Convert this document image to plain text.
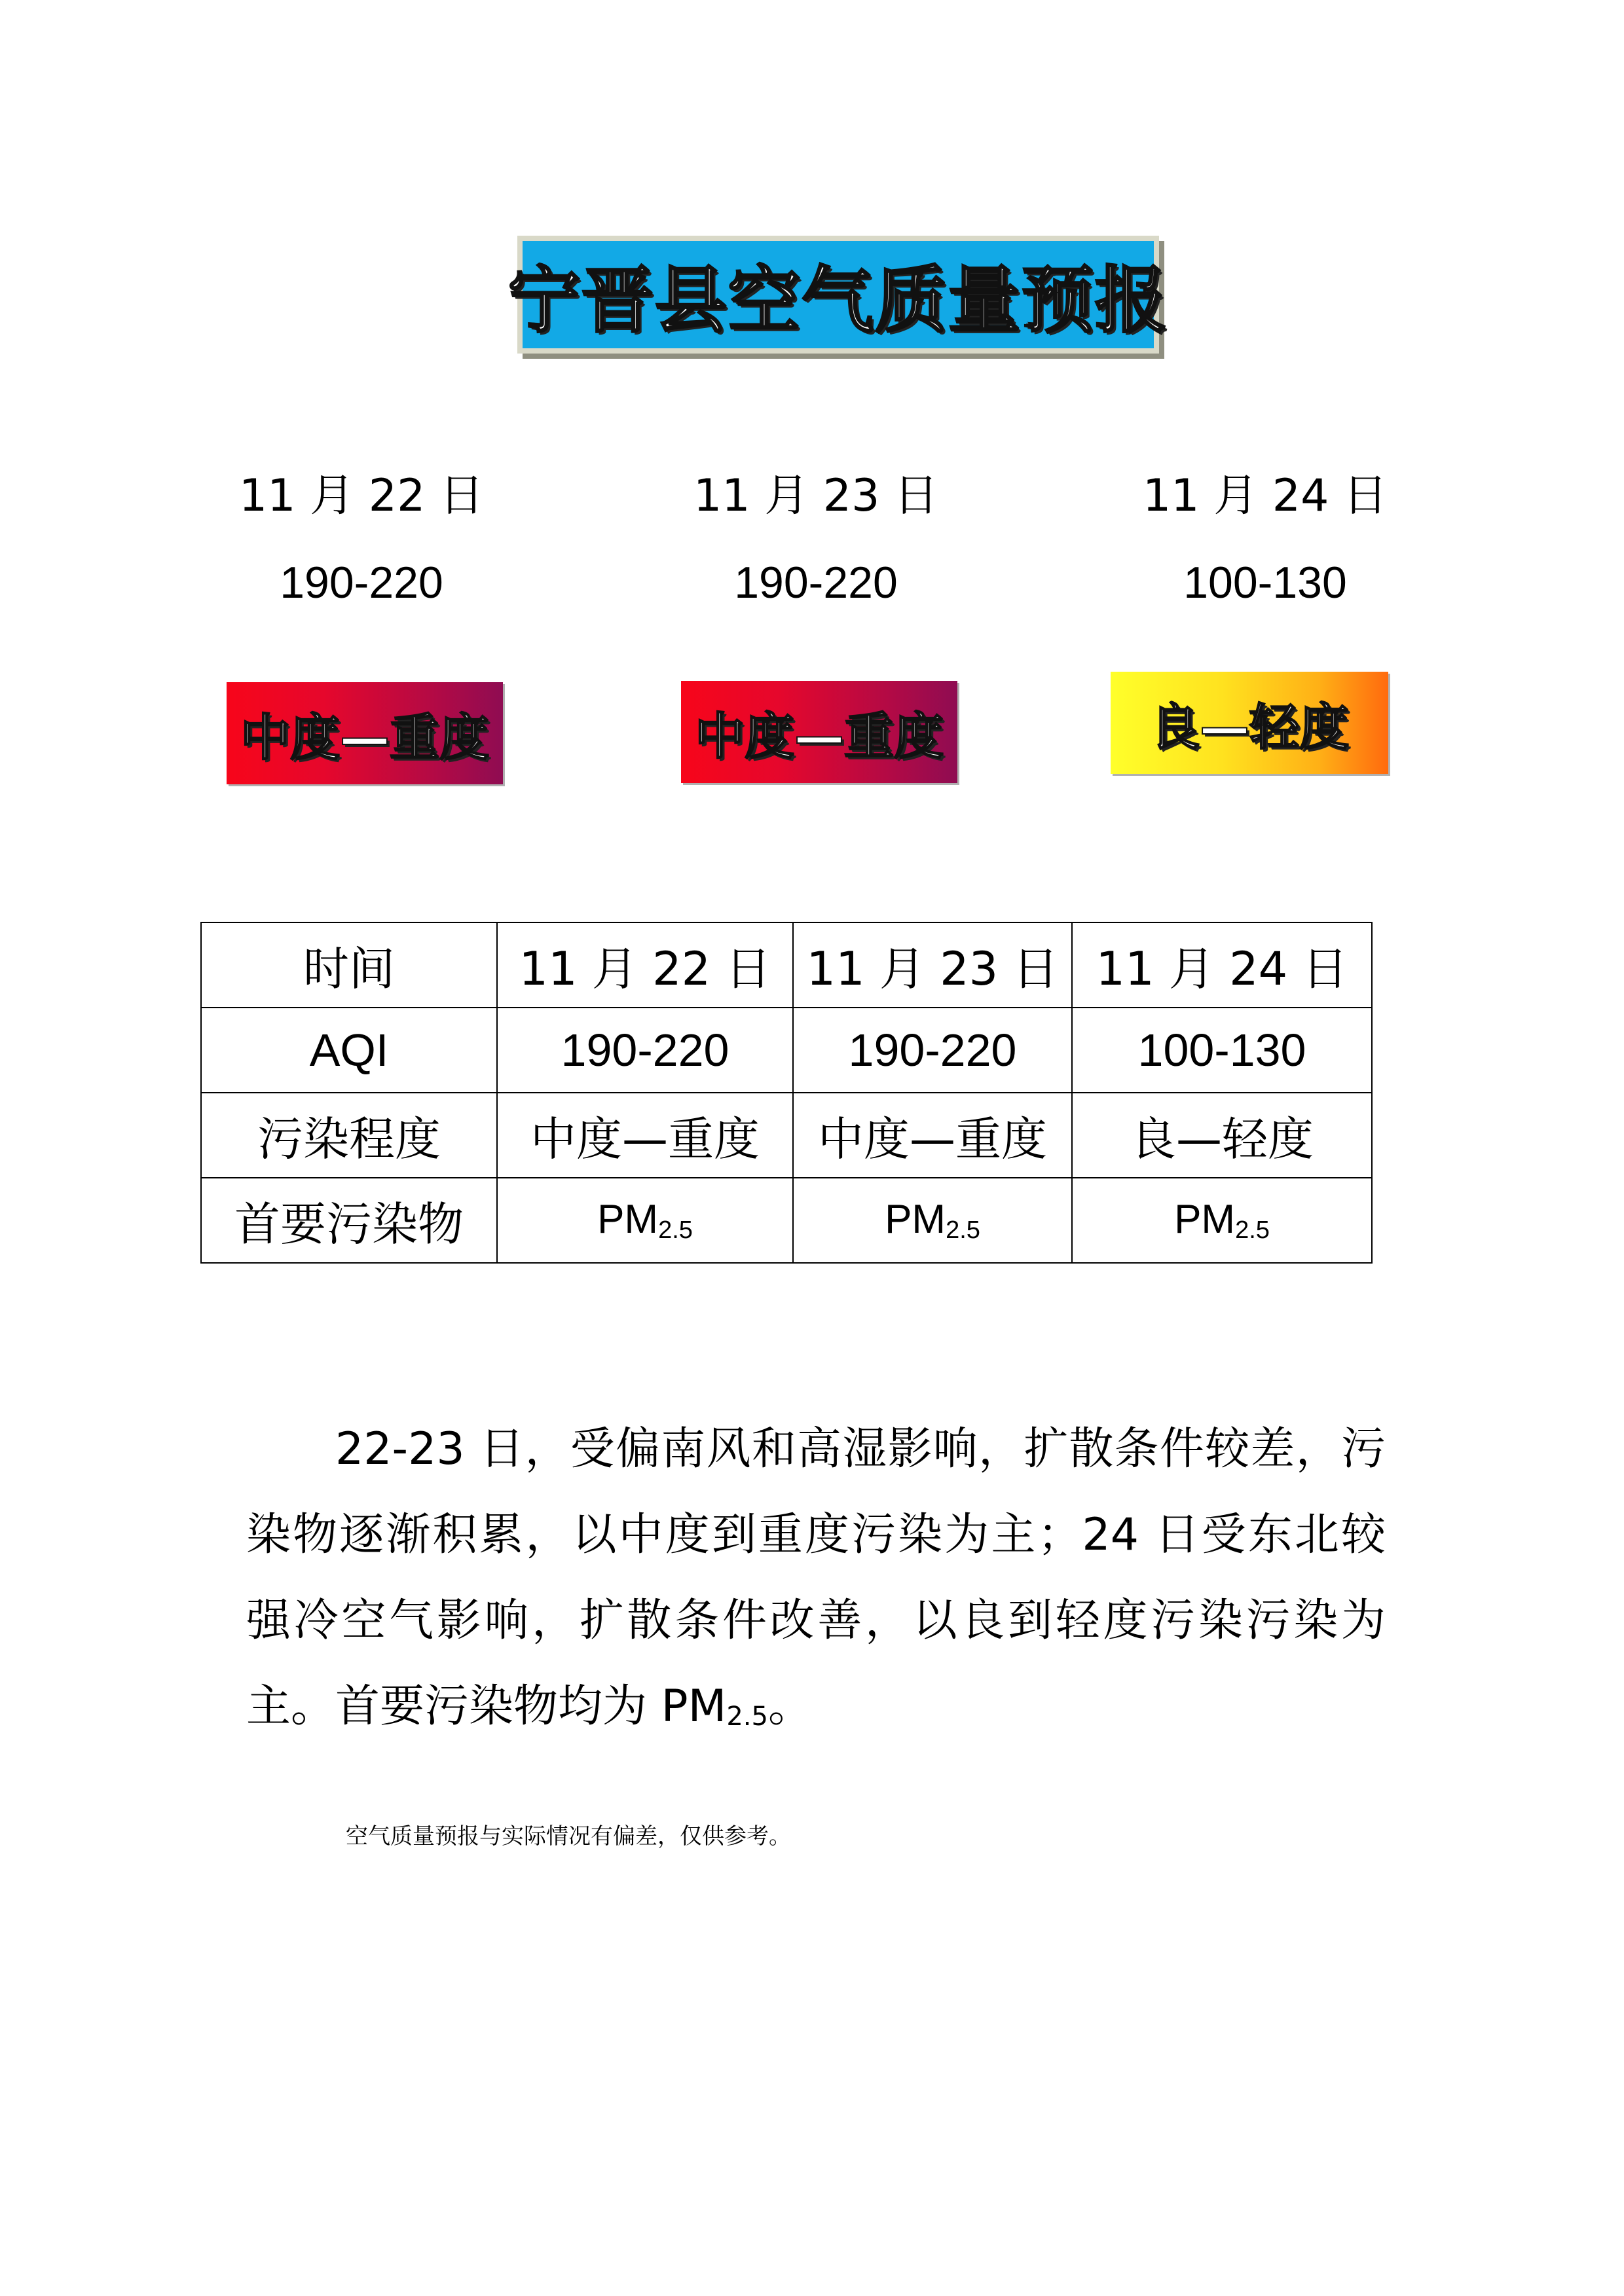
宁晋县空气质量预报
11 月 22 日
190-220
中度—重度
11 月 23 日
190-220
中度—重度
11 月 24 日
100-130
良—轻度
时间	11 月 22 日	11 月 23 日	11 月 24 日
AQI	190-220	190-220	100-130
污染程度	中度—重度	中度—重度	良—轻度
首要污染物	$PM_{2.5}$	$PM_{2.5}$	$PM_{2.5}$

22-23 日，受偏南风和高湿影响，扩散条件较差，污染物逐渐积累，以中度到重度污染为主；24 日受东北较强冷空气影响，扩散条件改善，以良到轻度污染污染为主。首要污染物均为 $PM_{2.5}$。

空气质量预报与实际情况有偏差，仅供参考。
